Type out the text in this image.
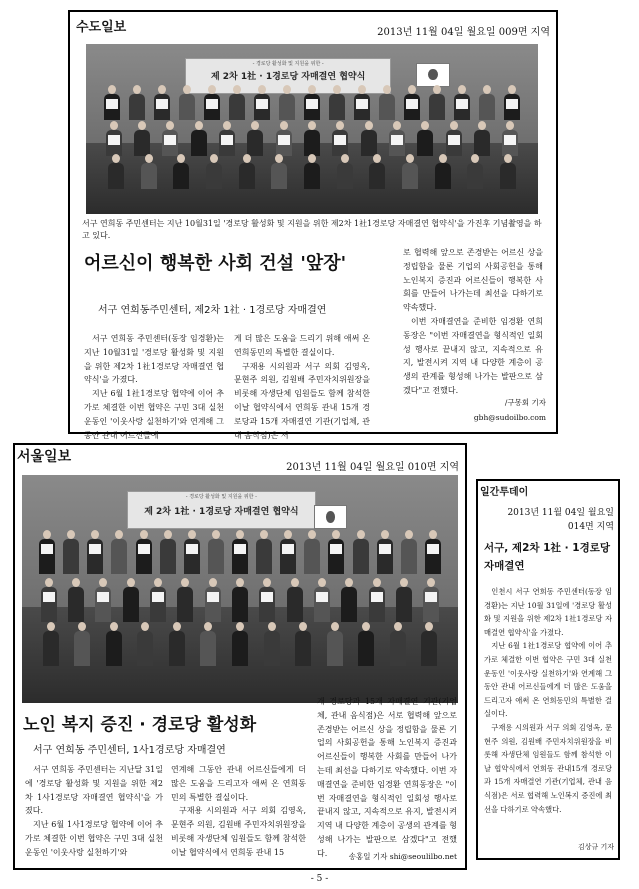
수도일보	2013년 11월 04일 월요일 009면 지역
- 경로당 활성화 및 지원을 위한 -
제 2차 1社 · 1경로당 자매결연 협약식
서구 연희동 주민센터는 지난 10월31일 '경로당 활성화 및 지원을 위한 제2차 1社1경로당 자매결연 협약식'을 가진후 기념촬영을 하고 있다.
어르신이 행복한 사회 건설 '앞장'
서구 연희동주민센터, 제2차 1社 · 1경로당 자매결연

서구 연희동 주민센터(동장 임경환)는 지난 10월31일 '경로당 활성화 및 지원을 위한 제2차 1社1경로당 자매결연 협약식'을 가졌다.

지난 6월 1社1경로당 협약에 이어 추가로 체결한 이번 협약은 구민 3대 실천운동인 '이웃사랑 실천하기'와 연계해 그동안 관내 어르신들에

게 더 많은 도움을 드리기 위해 애써 온 연희동민의 특별한 결실이다.

구재용 시의원과 서구 의회 김영옥, 문현주 의원, 김원배 주민자치위원장을 비롯해 자생단체 임원들도 함께 참석한 이날 협약식에서 연희동 관내 15개 경로당과 15개 자매결연 기관(기업체, 관내 음식점)은 서

로 협력해 앞으로 존경받는 어르신 상을 정립함을 물론 기업의 사회공헌을 통해 노인복지 증진과 어르신들이 행복한 사회를 만들어 나가는데 최선을 다하기로 약속했다.

이번 자매결연을 준비한 임경환 연희동장은 "이번 자매결연을 형식적인 일회성 행사로 끝내지 않고, 지속적으로 유지, 발전시켜 지역 내 다양한 계층이 공생의 관계를 형성해 나가는 발판으로 삼겠다"고 전했다.

/구몽회 기자
gbh@sudoilbo.com
서울일보
2013년 11월 04일 월요일 010면 지역
- 경로당 활성화 및 지원을 위한 -
제 2차 1社 · 1경로당 자매결연 협약식
노인 복지 증진 · 경로당 활성화
서구 연희동 주민센터, 1사1경로당 자매결연

서구 연희동 주민센터는 지난달 31일에 '경로당 활성화 및 지원을 위한 제2차 1사1경로당 자매결연 협약식'을 가졌다.

지난 6월 1사1경로당 협약에 이어 추가로 체결한 이번 협약은 구민 3대 실천운동인 '이웃사랑 실천하기'와

연계해 그동안 관내 어르신들에게 더 많은 도움을 드리고자 애써 온 연희동민의 특별한 결실이다.

구재용 시의원과 서구 의회 김영옥, 문현주 의원, 김원배 주민자치위원장을 비롯해 자생단체 임원들도 함께 참석한 이날 협약식에서 연희동 관내 15

개 경로당과 15개 자매결연 기관(기업체, 관내 음식점)은 서로 협력해 앞으로 존경받는 어르신 상을 정립함을 물론 기업의 사회공헌을 통해 노인복지 증진과 어르신들이 행복한 사회를 만들어 나가는데 최선을 다하기로 약속했다. 이번 자매결연을 준비한 임경환 연희동장은 "이번 자매결연을 형식적인 일회성 행사로 끝내지 않고, 지속적으로 유지, 발전시켜 지역 내 다양한 계층이 공생의 관계를 형성해 나가는 발판으로 삼겠다"고 전했다.	송홍일 기자 shi@seoulilbo.net
일간투데이
2013년 11월 04일 월요일
014면 지역
서구, 제2차 1社 · 1경로당 자매결연

인천시 서구 연희동 주민센터(동장 임경환)는 지난 10월 31일에 '경로당 활성화 및 지원을 위한 제2차 1社1경로당 자매결연 협약식'을 가졌다.

지난 6월 1社1경로당 협약에 이어 추가로 체결한 이번 협약은 구민 3대 실천운동인 '이웃사랑 실천하기'와 연계해 그동안 관내 어르신들에게 더 많은 도움을 드리고자 애써 온 연희동민의 특별한 결실이다.

구재용 시의원과 서구 의회 김영옥, 문현주 의원, 김원배 주민자치위원장을 비롯해 자생단체 임원들도 함께 참석한 이날 협약식에서 연희동 관내15개 경로당과 15개 자매결연 기관(기업체, 관내 음식점)은 서로 협력해 노인복지 증진에 최선을 다하기로 약속했다.

김상규 기자
- 5 -
